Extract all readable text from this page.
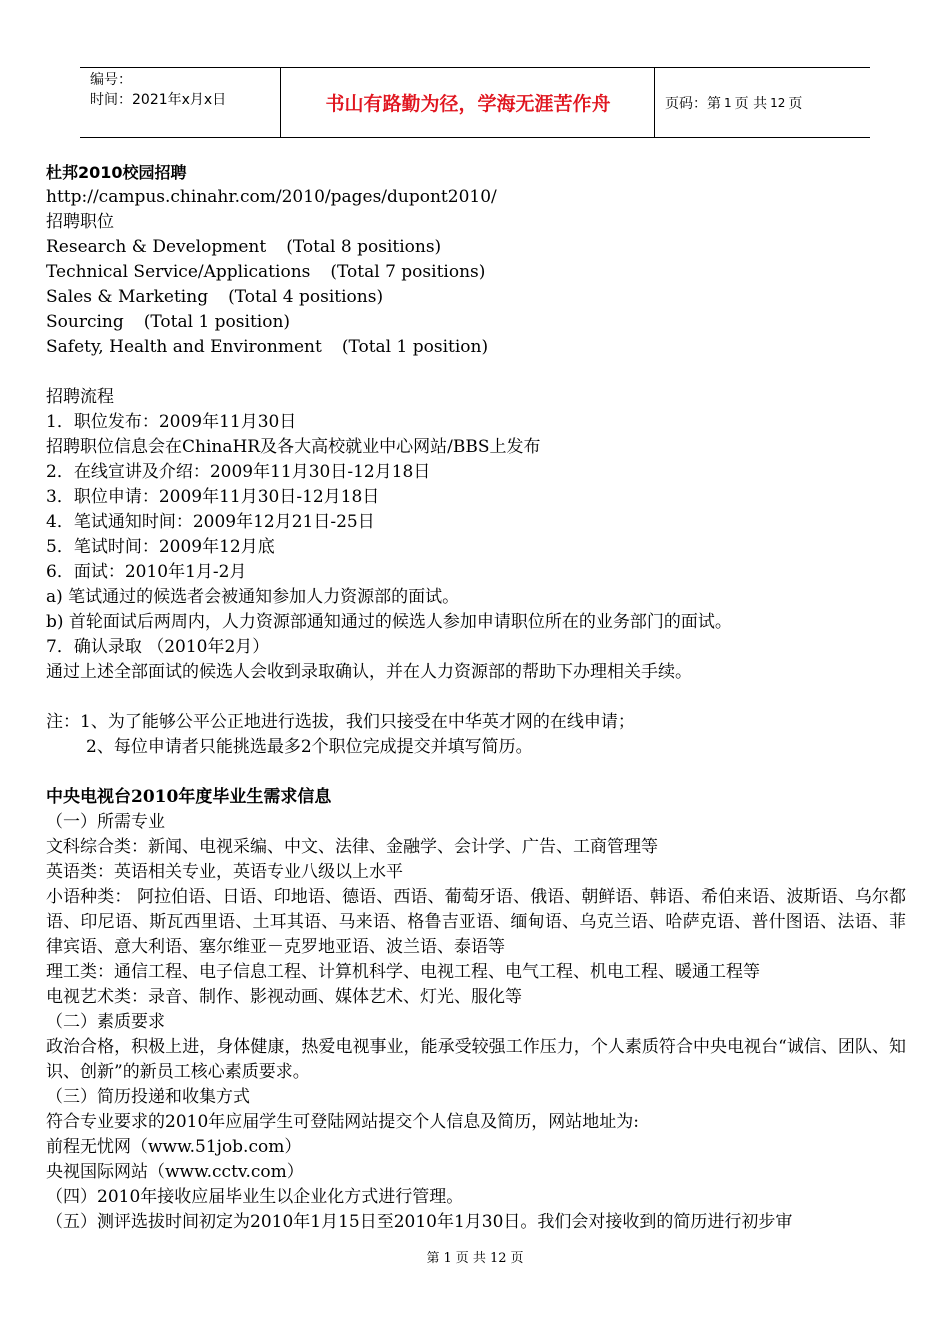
编号：
时间：2021年x月x日	书山有路勤为径，学海无涯苦作舟	页码：第 1 页 共 12 页
杜邦2010校园招聘
http://campus.chinahr.com/2010/pages/dupont2010/
招聘职位
Research & Development (Total 8 positions)
Technical Service/Applications (Total 7 positions)
Sales & Marketing (Total 4 positions)
Sourcing (Total 1 position)
Safety, Health and Environment (Total 1 position)
招聘流程
1．职位发布：2009年11月30日
招聘职位信息会在ChinaHR及各大高校就业中心网站/BBS上发布
2．在线宣讲及介绍：2009年11月30日-12月18日
3．职位申请：2009年11月30日-12月18日
4．笔试通知时间：2009年12月21日-25日
5．笔试时间：2009年12月底
6．面试：2010年1月-2月
a) 笔试通过的候选者会被通知参加人力资源部的面试。
b) 首轮面试后两周内，人力资源部通知通过的候选人参加申请职位所在的业务部门的面试。
7．确认录取 （2010年2月）
通过上述全部面试的候选人会收到录取确认，并在人力资源部的帮助下办理相关手续。
注：1、为了能够公平公正地进行选拔，我们只接受在中华英才网的在线申请；
2、每位申请者只能挑选最多2个职位完成提交并填写简历。
中央电视台2010年度毕业生需求信息
（一）所需专业
文科综合类：新闻、电视采编、中文、法律、金融学、会计学、广告、工商管理等
英语类：英语相关专业，英语专业八级以上水平
小语种类： 阿拉伯语、日语、印地语、德语、西语、葡萄牙语、俄语、朝鲜语、韩语、希伯来语、波斯语、乌尔都语、印尼语、斯瓦西里语、土耳其语、马来语、格鲁吉亚语、缅甸语、乌克兰语、哈萨克语、普什图语、法语、菲律宾语、意大利语、塞尔维亚－克罗地亚语、波兰语、泰语等
理工类：通信工程、电子信息工程、计算机科学、电视工程、电气工程、机电工程、暖通工程等
电视艺术类：录音、制作、影视动画、媒体艺术、灯光、服化等
（二）素质要求
政治合格，积极上进，身体健康，热爱电视事业，能承受较强工作压力，个人素质符合中央电视台“诚信、团队、知识、创新”的新员工核心素质要求。
（三）简历投递和收集方式
符合专业要求的2010年应届学生可登陆网站提交个人信息及简历，网站地址为:
前程无忧网（www.51job.com）
央视国际网站（www.cctv.com）
（四）2010年接收应届毕业生以企业化方式进行管理。
（五）测评选拔时间初定为2010年1月15日至2010年1月30日。我们会对接收到的简历进行初步审
第 1 页 共 12 页
